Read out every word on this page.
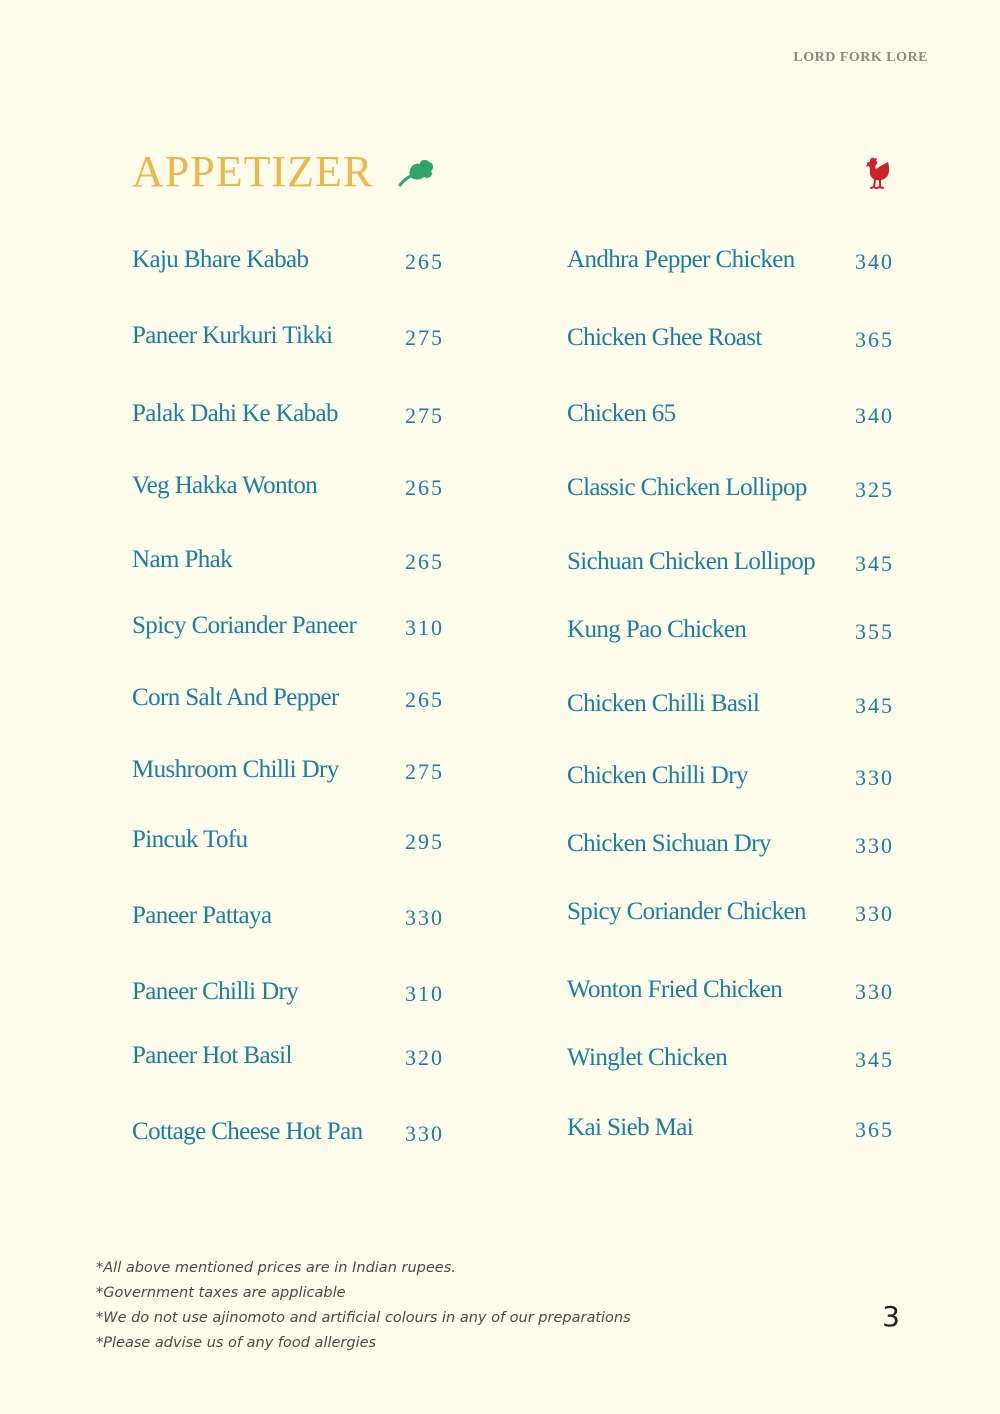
LORD FORK LORE
APPETIZER
Kaju Bhare Kabab	265
Paneer Kurkuri Tikki	275
Palak Dahi Ke Kabab	275
Veg Hakka Wonton	265
Nam Phak	265
Spicy Coriander Paneer 310
Corn Salt And Pepper	265
Mushroom Chilli Dry	275
Pincuk Tofu	295
Paneer Pattaya	330
Paneer Chilli Dry	310
Paneer Hot Basil	320
Cottage Cheese Hot Pan 330
Andhra Pepper Chicken	340
Chicken Ghee Roast	365
Chicken 65	340
Classic Chicken Lollipop 325
Sichuan Chicken Lollipop 345
Kung Pao Chicken	355
Chicken Chilli Basil	345
Chicken Chilli Dry	330
Chicken Sichuan Dry	330
Spicy Coriander Chicken 330
Wonton Fried Chicken	330
Winglet Chicken	345
Kai Sieb Mai	365
*All above mentioned prices are in Indian rupees.
*Government taxes are applicable
*We do not use ajinomoto and artificial colours in any of our preparations
*Please advise us of any food allergies
3
